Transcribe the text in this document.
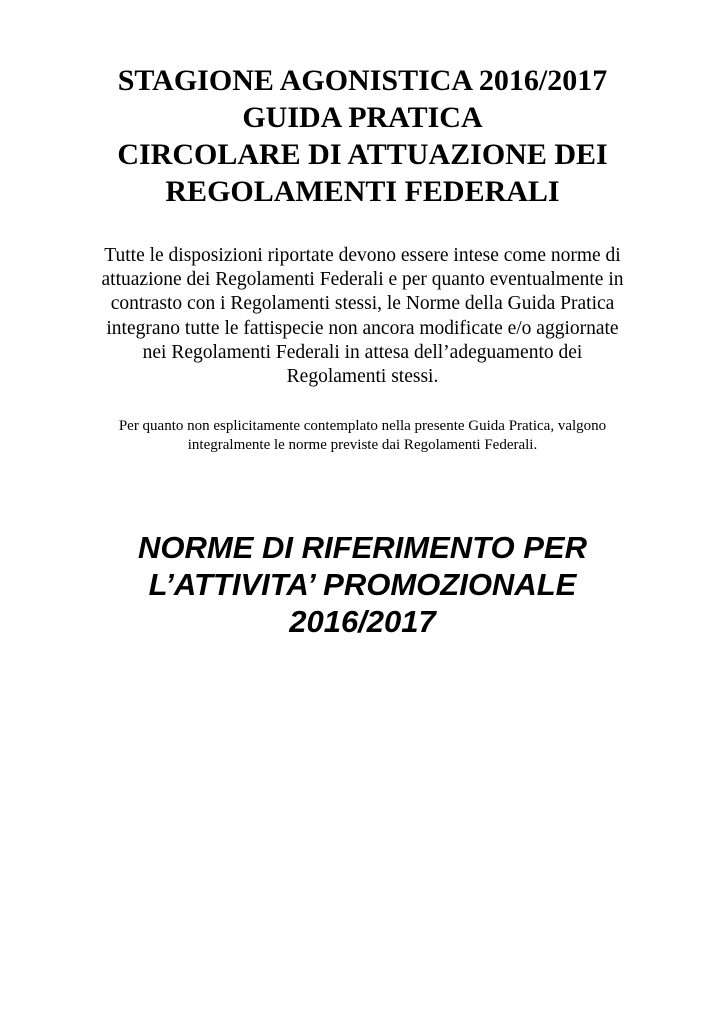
STAGIONE AGONISTICA 2016/2017
GUIDA PRATICA
CIRCOLARE DI ATTUAZIONE DEI
REGOLAMENTI FEDERALI
Tutte le disposizioni riportate devono essere intese come norme di
attuazione dei Regolamenti Federali e per quanto eventualmente in
contrasto con i Regolamenti stessi, le Norme della Guida Pratica
integrano tutte le fattispecie non ancora modificate e/o aggiornate
nei Regolamenti Federali in attesa dell’adeguamento dei
Regolamenti stessi.
Per quanto non esplicitamente contemplato nella presente Guida Pratica, valgono
integralmente le norme previste dai Regolamenti Federali.
NORME DI RIFERIMENTO PER
L’ATTIVITA’ PROMOZIONALE
2016/2017
